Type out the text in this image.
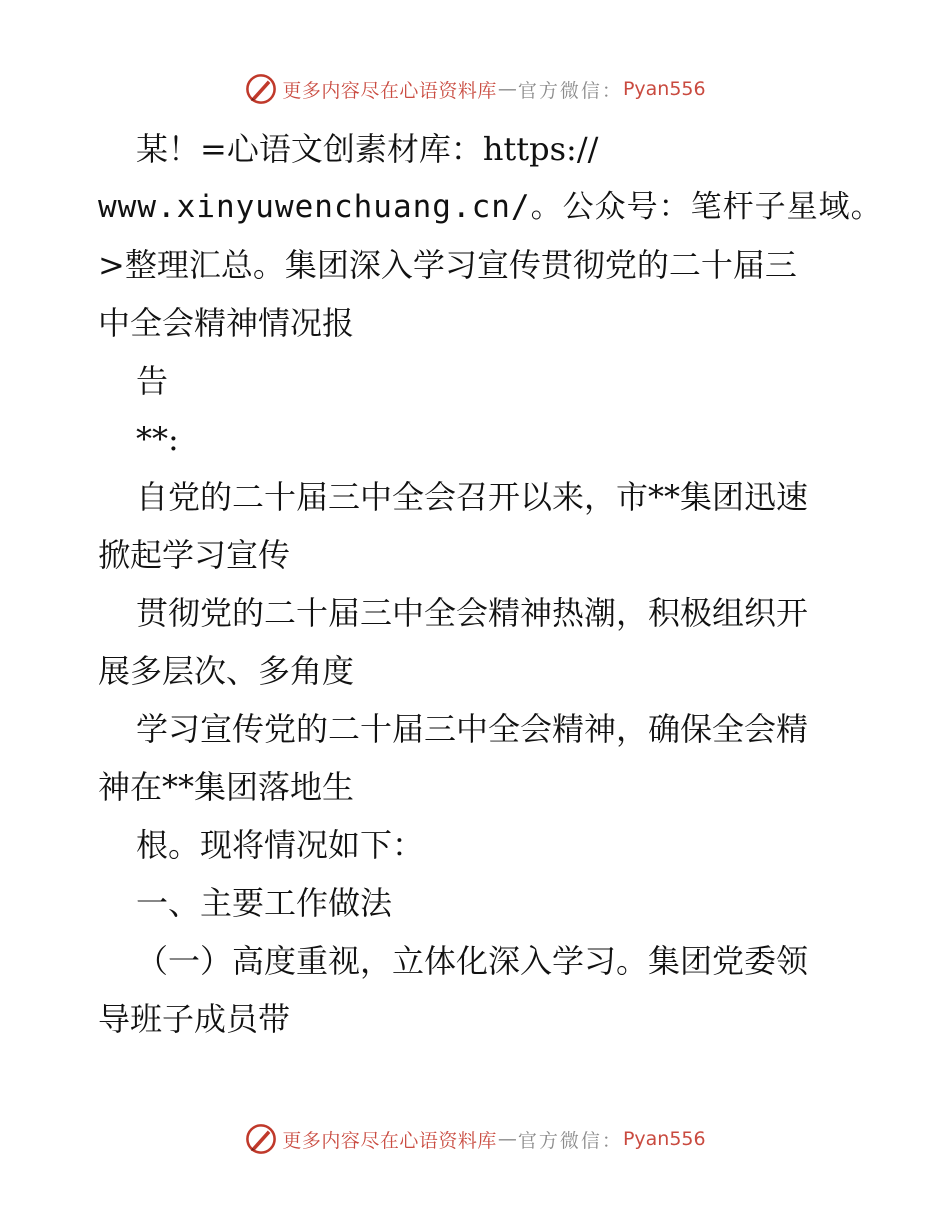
更多内容尽在心语资料库 — 官方微信： Pyan556
某！=心语文创素材库：https://
www.xinyuwenchuang.cn/。公众号：笔杆子星域。
>整理汇总。集团深入学习宣传贯彻党的二十届三
中全会精神情况报
告
**:
自党的二十届三中全会召开以来，市**集团迅速
掀起学习宣传
贯彻党的二十届三中全会精神热潮，积极组织开
展多层次、多角度
学习宣传党的二十届三中全会精神，确保全会精
神在**集团落地生
根。现将情况如下：
一、主要工作做法
（一）高度重视，立体化深入学习。集团党委领
导班子成员带
更多内容尽在心语资料库 — 官方微信： Pyan556
